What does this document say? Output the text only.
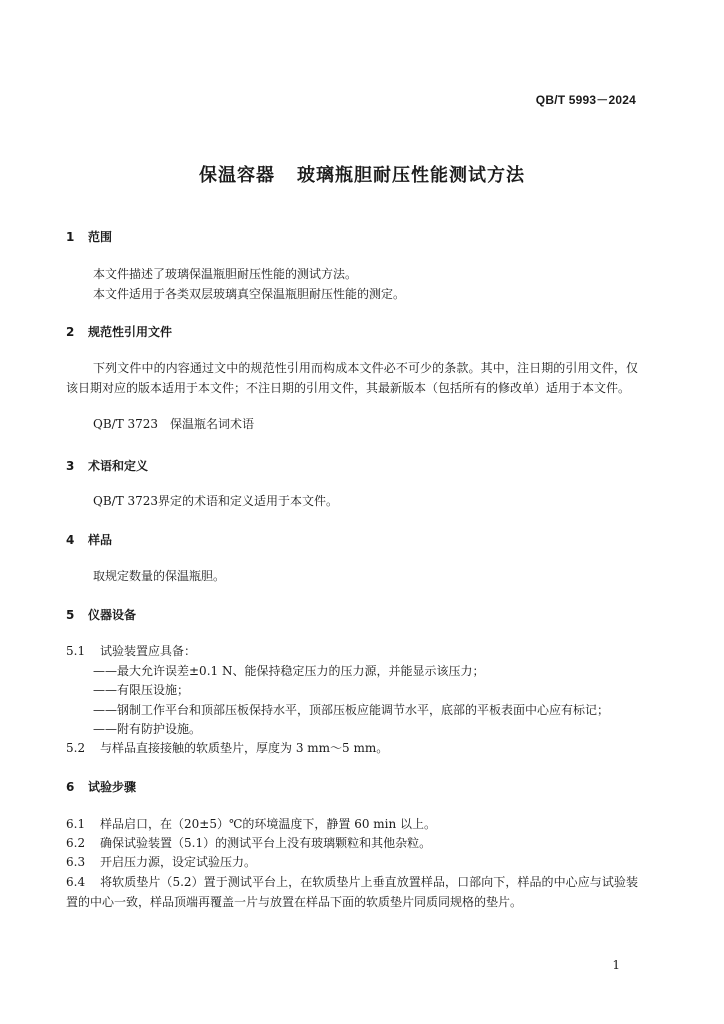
QB/T 5993－2024
保温容器 玻璃瓶胆耐压性能测试方法
1 范围
本文件描述了玻璃保温瓶胆耐压性能的测试方法。
本文件适用于各类双层玻璃真空保温瓶胆耐压性能的测定。
2 规范性引用文件
下列文件中的内容通过文中的规范性引用而构成本文件必不可少的条款。其中，注日期的引用文件，仅该日期对应的版本适用于本文件；不注日期的引用文件，其最新版本（包括所有的修改单）适用于本文件。
QB/T 3723　保温瓶名词术语
3 术语和定义
QB/T 3723界定的术语和定义适用于本文件。
4 样品
取规定数量的保温瓶胆。
5 仪器设备
5.1 试验装置应具备：
——最大允许误差±0.1 N、能保持稳定压力的压力源，并能显示该压力；
——有限压设施；
——钢制工作平台和顶部压板保持水平，顶部压板应能调节水平，底部的平板表面中心应有标记；
——附有防护设施。
5.2 与样品直接接触的软质垫片，厚度为 3 mm～5 mm。
6 试验步骤
6.1 样品启口，在（20±5）℃的环境温度下，静置 60 min 以上。
6.2 确保试验装置（5.1）的测试平台上没有玻璃颗粒和其他杂粒。
6.3 开启压力源，设定试验压力。
6.4 将软质垫片（5.2）置于测试平台上，在软质垫片上垂直放置样品，口部向下，样品的中心应与试验装置的中心一致，样品顶端再覆盖一片与放置在样品下面的软质垫片同质同规格的垫片。
1
